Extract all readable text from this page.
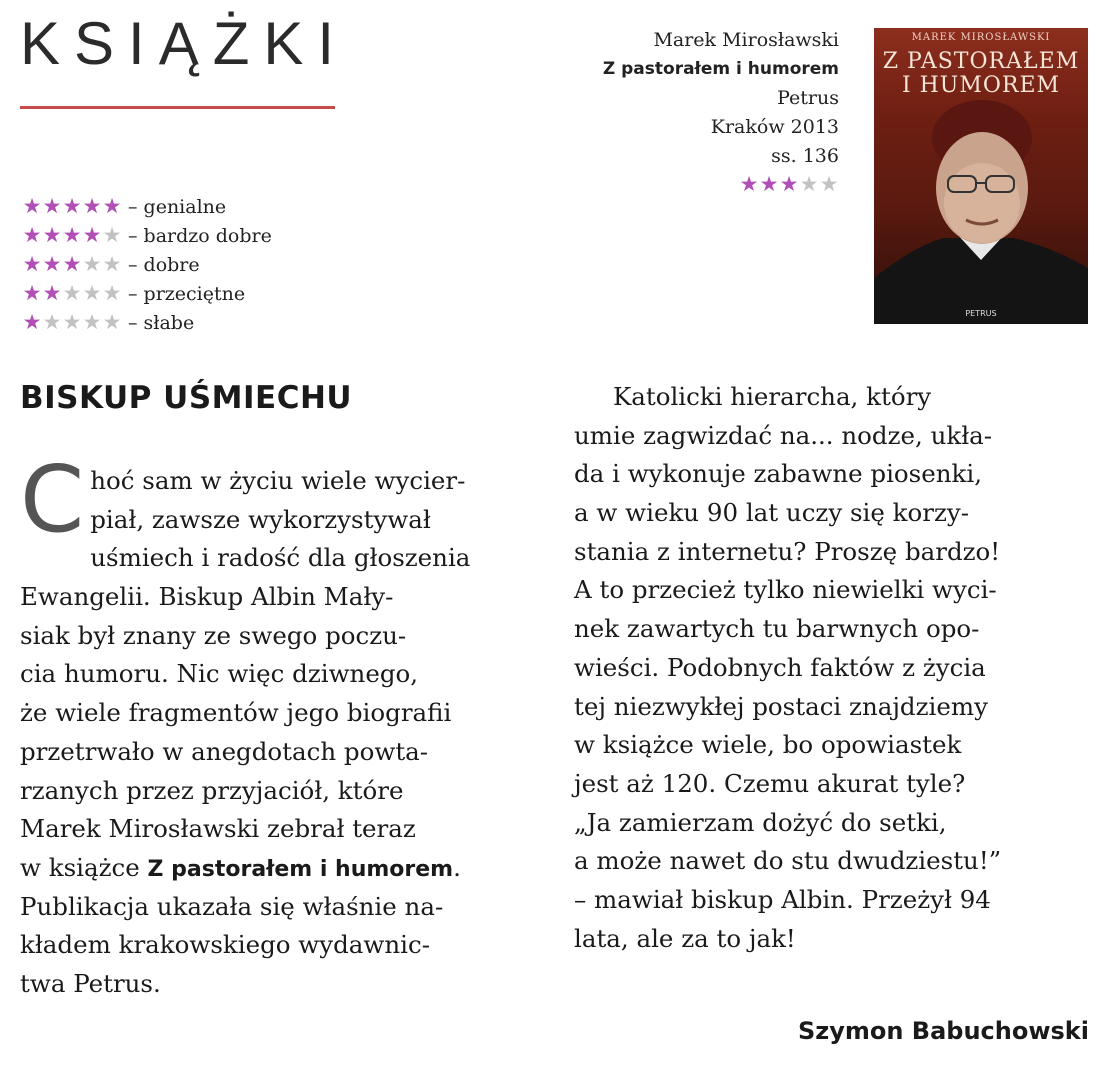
KSIĄŻKI
★ ★ ★ ★ ★ – genialne
★ ★ ★ ★ ★ – bardzo dobre
★ ★ ★ ★ ★ – dobre
★ ★ ★ ★ ★ – przeciętne
★ ★ ★ ★ ★ – słabe
Marek Mirosławski
Z pastorałem i humorem
Petrus
Kraków 2013
ss. 136
★ ★ ★ ★ ★
MAREK MIROSŁAWSKI
Z PASTORAŁEM
I HUMOREM
PETRUS
BISKUP UŚMIECHU
C hoć sam w życiu wiele wycier-
piał, zawsze wykorzystywał
uśmiech i radość dla głoszenia
Ewangelii. Biskup Albin Mały-
siak był znany ze swego poczu-
cia humoru. Nic więc dziwnego,
że wiele fragmentów jego biografii
przetrwało w anegdotach powta-
rzanych przez przyjaciół, które
Marek Mirosławski zebrał teraz
w książce Z pastorałem i humorem.
Publikacja ukazała się właśnie na-
kładem krakowskiego wydawnic-
twa Petrus.
Katolicki hierarcha, który
umie zagwizdać na... nodze, ukła-
da i wykonuje zabawne piosenki,
a w wieku 90 lat uczy się korzy-
stania z internetu? Proszę bardzo!
A to przecież tylko niewielki wyci-
nek zawartych tu barwnych opo-
wieści. Podobnych faktów z życia
tej niezwykłej postaci znajdziemy
w książce wiele, bo opowiastek
jest aż 120. Czemu akurat tyle?
„Ja zamierzam dożyć do setki,
a może nawet do stu dwudziestu!”
– mawiał biskup Albin. Przeżył 94
lata, ale za to jak!
Szymon Babuchowski
